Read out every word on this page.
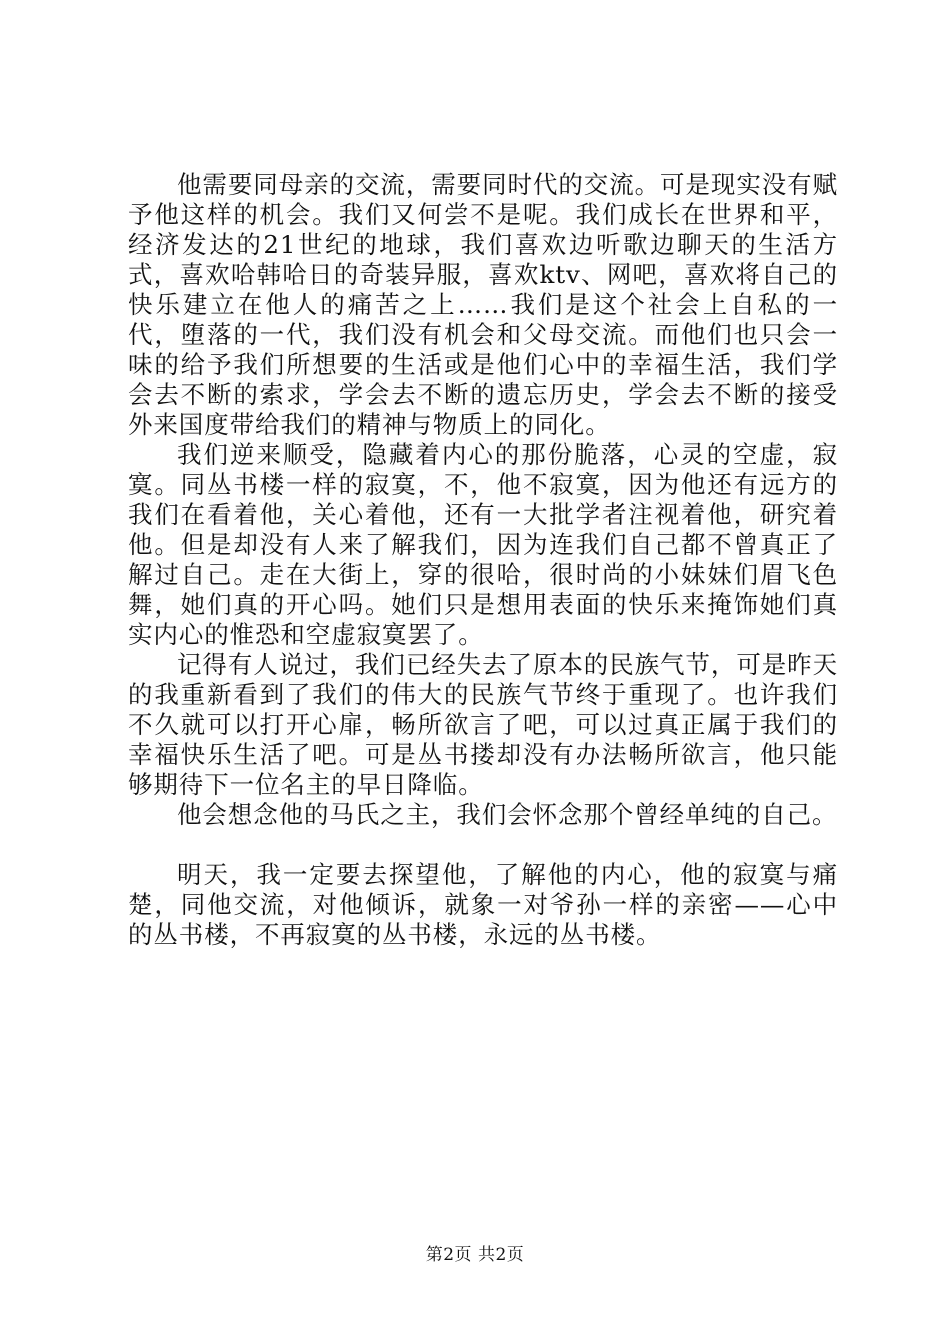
他需要同母亲的交流，需要同时代的交流。可是现实没有赋予他这样的机会。我们又何尝不是呢。我们成长在世界和平，经济发达的21世纪的地球，我们喜欢边听歌边聊天的生活方式，喜欢哈韩哈日的奇装异服，喜欢ktv、网吧，喜欢将自己的快乐建立在他人的痛苦之上……我们是这个社会上自私的一代，堕落的一代，我们没有机会和父母交流。而他们也只会一味的给予我们所想要的生活或是他们心中的幸福生活，我们学会去不断的索求，学会去不断的遗忘历史，学会去不断的接受外来国度带给我们的精神与物质上的同化。

我们逆来顺受，隐藏着内心的那份脆落，心灵的空虚，寂寞。同丛书楼一样的寂寞，不，他不寂寞，因为他还有远方的我们在看着他，关心着他，还有一大批学者注视着他，研究着他。但是却没有人来了解我们，因为连我们自己都不曾真正了解过自己。走在大街上，穿的很哈，很时尚的小妹妹们眉飞色舞，她们真的开心吗。她们只是想用表面的快乐来掩饰她们真实内心的惟恐和空虚寂寞罢了。

记得有人说过，我们已经失去了原本的民族气节，可是昨天的我重新看到了我们的伟大的民族气节终于重现了。也许我们不久就可以打开心扉，畅所欲言了吧，可以过真正属于我们的幸福快乐生活了吧。可是丛书搂却没有办法畅所欲言，他只能够期待下一位名主的早日降临。

他会想念他的马氏之主，我们会怀念那个曾经单纯的自己。

明天，我一定要去探望他，了解他的内心，他的寂寞与痛楚，同他交流，对他倾诉，就象一对爷孙一样的亲密——心中的丛书楼，不再寂寞的丛书楼，永远的丛书楼。

第2页 共2页
